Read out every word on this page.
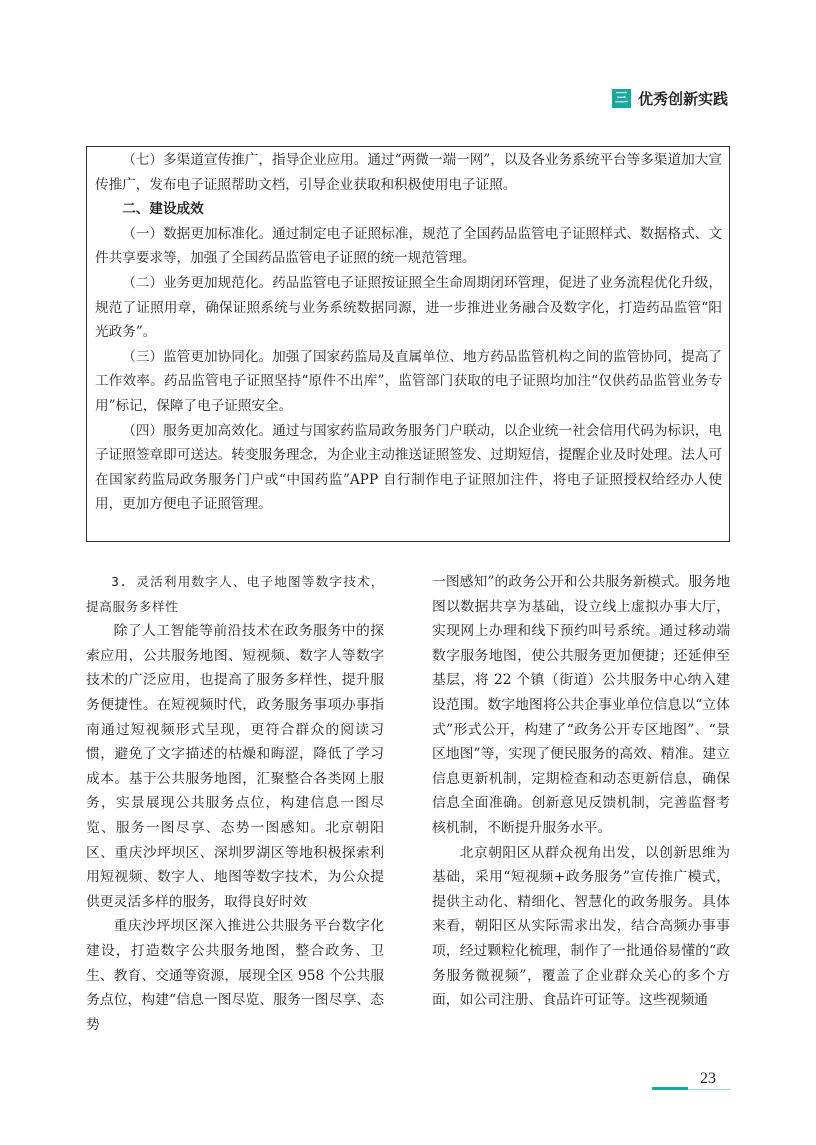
三 优秀创新实践

（七）多渠道宣传推广，指导企业应用。通过“两微一端一网”，以及各业务系统平台等多渠道加大宣传推广，发布电子证照帮助文档，引导企业获取和积极使用电子证照。

二、建设成效

（一）数据更加标准化。通过制定电子证照标准，规范了全国药品监管电子证照样式、数据格式、文件共享要求等，加强了全国药品监管电子证照的统一规范管理。

（二）业务更加规范化。药品监管电子证照按证照全生命周期闭环管理，促进了业务流程优化升级，规范了证照用章，确保证照系统与业务系统数据同源，进一步推进业务融合及数字化，打造药品监管“阳光政务”。

（三）监管更加协同化。加强了国家药监局及直属单位、地方药品监管机构之间的监管协同，提高了工作效率。药品监管电子证照坚持“原件不出库”，监管部门获取的电子证照均加注“仅供药品监管业务专用”标记，保障了电子证照安全。

（四）服务更加高效化。通过与国家药监局政务服务门户联动，以企业统一社会信用代码为标识，电子证照签章即可送达。转变服务理念，为企业主动推送证照签发、过期短信，提醒企业及时处理。法人可在国家药监局政务服务门户或“中国药监”APP 自行制作电子证照加注件，将电子证照授权给经办人使用，更加方便电子证照管理。

3. 灵活利用数字人、电子地图等数字技术，提高服务多样性

除了人工智能等前沿技术在政务服务中的探索应用，公共服务地图、短视频、数字人等数字技术的广泛应用，也提高了服务多样性，提升服务便捷性。在短视频时代，政务服务事项办事指南通过短视频形式呈现，更符合群众的阅读习惯，避免了文字描述的枯燥和晦涩，降低了学习成本。基于公共服务地图，汇聚整合各类网上服务，实景展现公共服务点位，构建信息一图尽览、服务一图尽享、态势一图感知。北京朝阳区、重庆沙坪坝区、深圳罗湖区等地积极探索利用短视频、数字人、地图等数字技术，为公众提供更灵活多样的服务，取得良好时效

重庆沙坪坝区深入推进公共服务平台数字化建设，打造数字公共服务地图，整合政务、卫生、教育、交通等资源，展现全区 958 个公共服务点位，构建“信息一图尽览、服务一图尽享、态势

一图感知”的政务公开和公共服务新模式。服务地图以数据共享为基础，设立线上虚拟办事大厅，实现网上办理和线下预约叫号系统。通过移动端数字服务地图，使公共服务更加便捷；还延伸至基层，将 22 个镇（街道）公共服务中心纳入建设范围。数字地图将公共企事业单位信息以“立体式”形式公开，构建了“政务公开专区地图”、“景区地图”等，实现了便民服务的高效、精准。建立信息更新机制，定期检查和动态更新信息，确保信息全面准确。创新意见反馈机制，完善监督考核机制，不断提升服务水平。

北京朝阳区从群众视角出发，以创新思维为基础，采用“短视频+政务服务”宣传推广模式，提供主动化、精细化、智慧化的政务服务。具体来看，朝阳区从实际需求出发，结合高频办事事项，经过颗粒化梳理，制作了一批通俗易懂的“政务服务微视频”，覆盖了企业群众关心的多个方面，如公司注册、食品许可证等。这些视频通

23
